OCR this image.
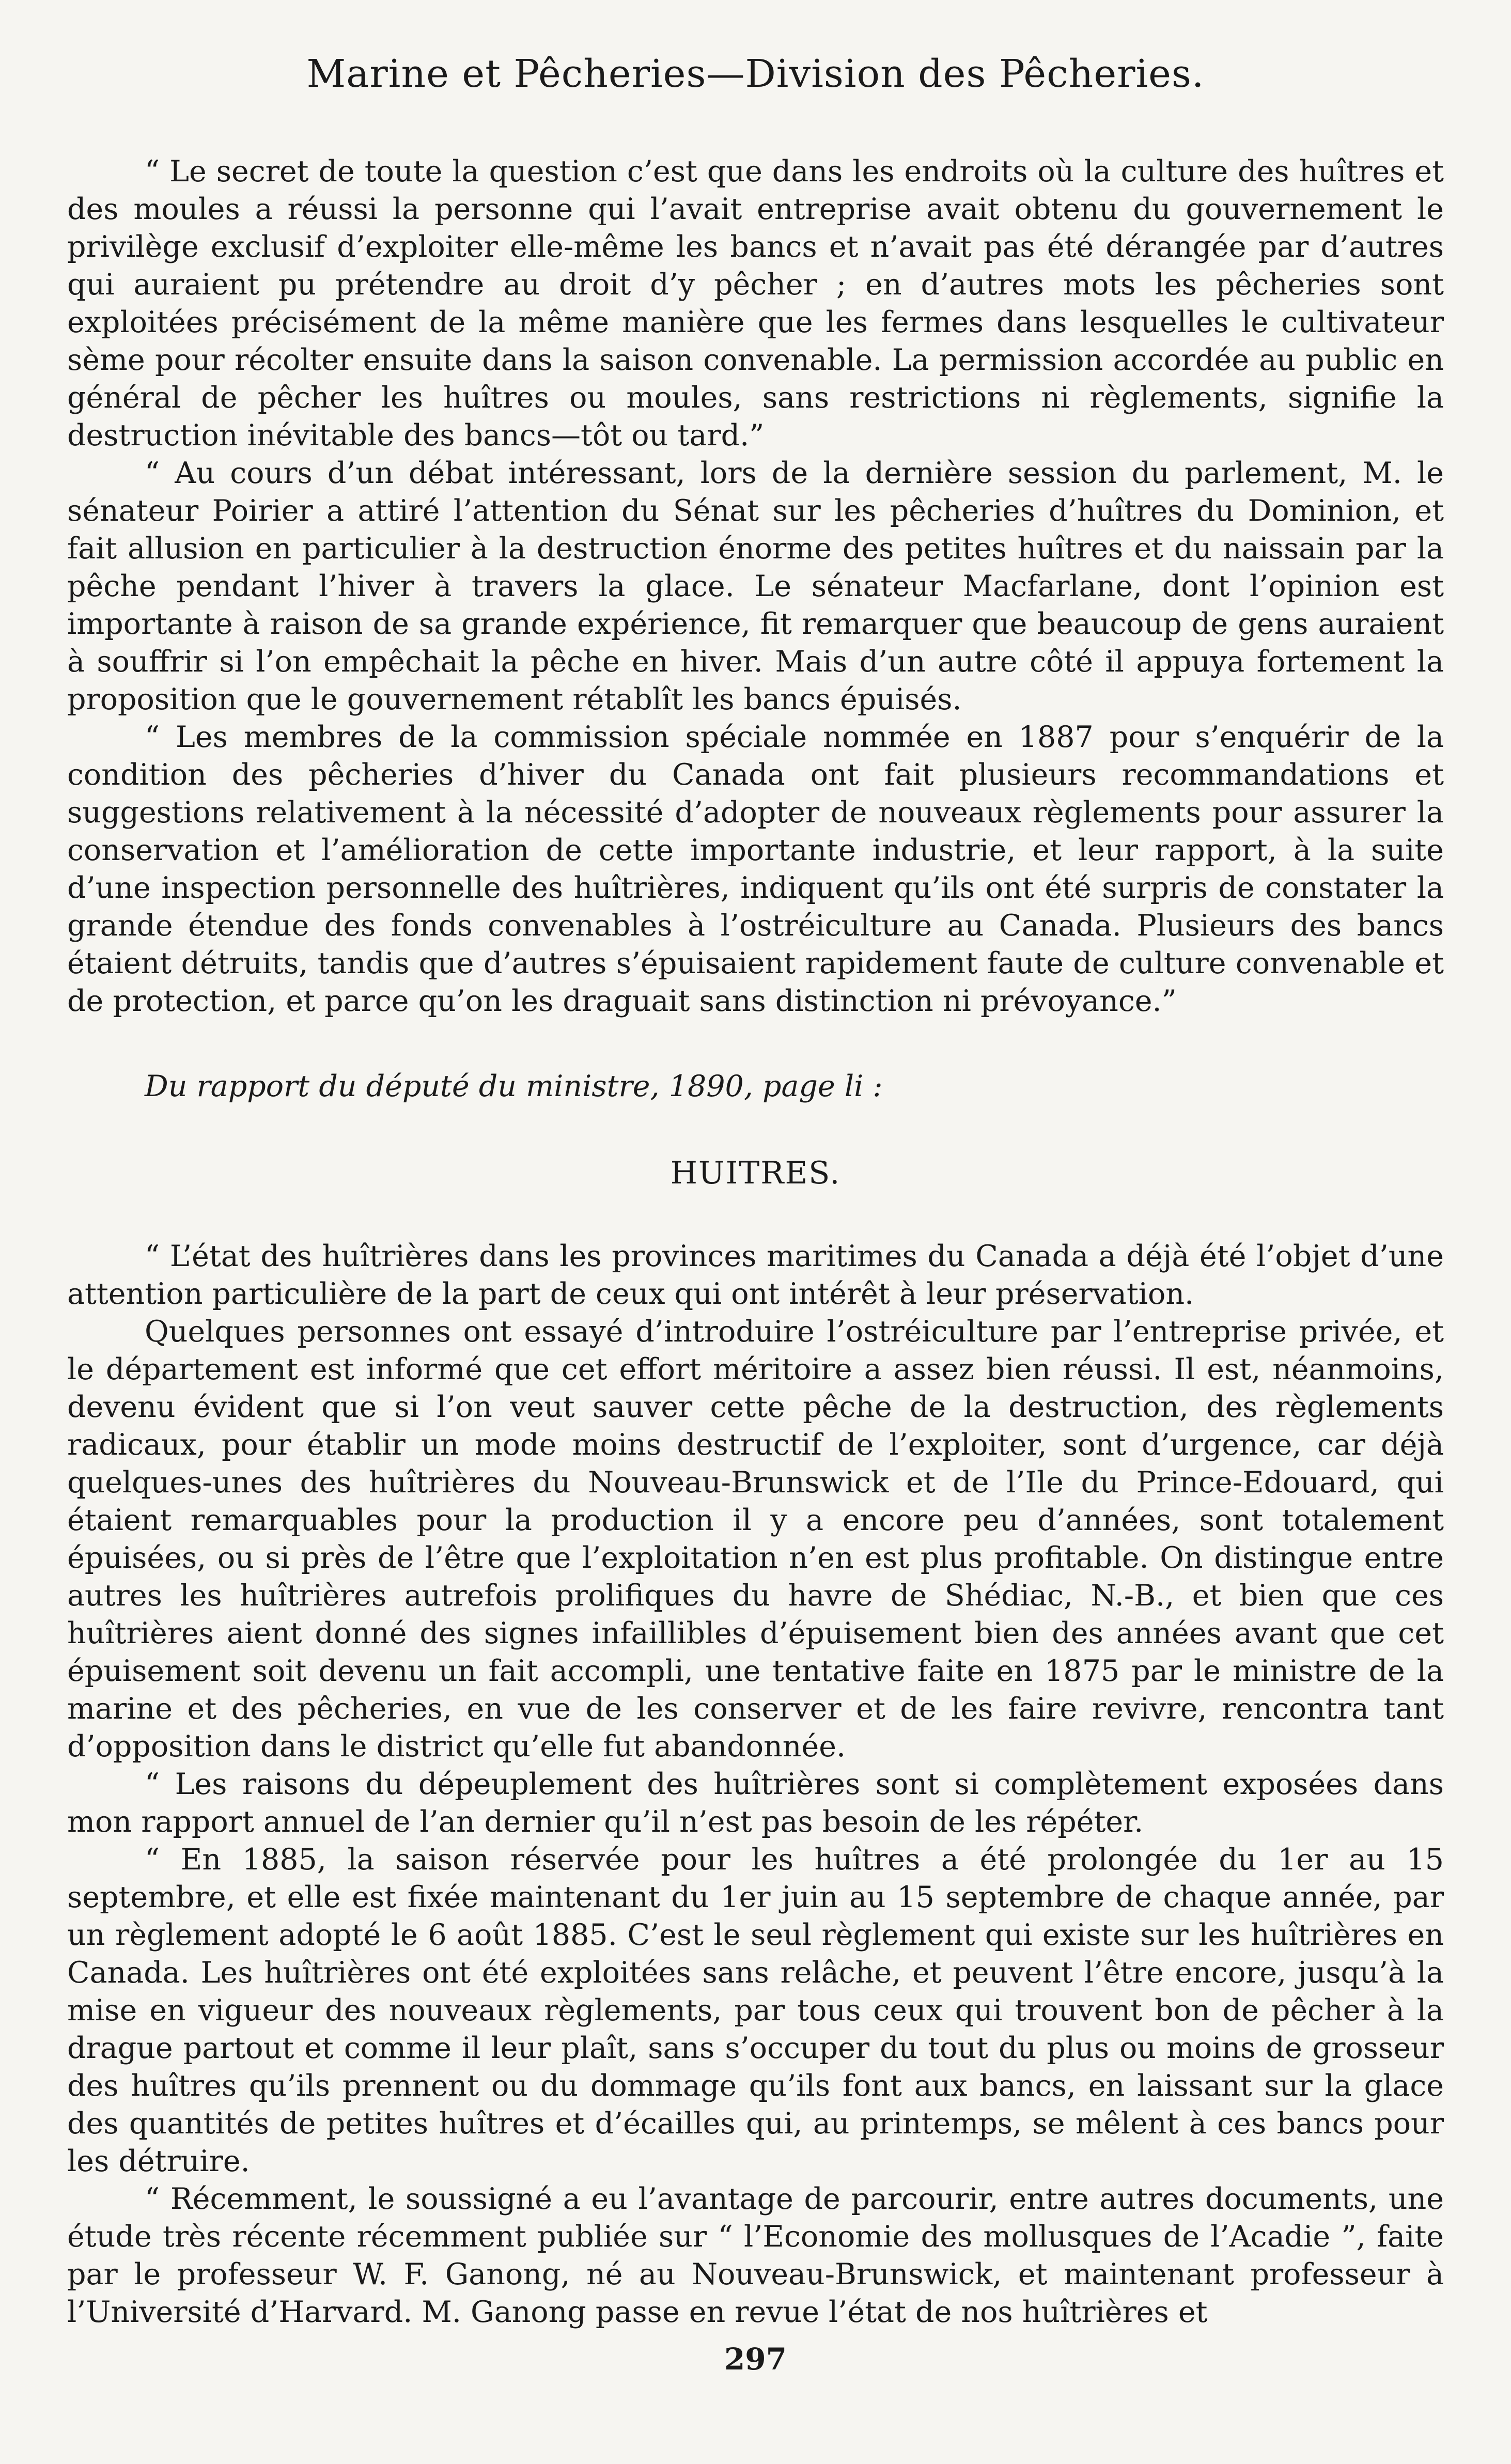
Marine et Pêcheries—Division des Pêcheries.

“ Le secret de toute la question c’est que dans les endroits où la culture des huîtres et des moules a réussi la personne qui l’avait entreprise avait obtenu du gouvernement le privilège exclusif d’exploiter elle-même les bancs et n’avait pas été dérangée par d’autres qui auraient pu prétendre au droit d’y pêcher ; en d’autres mots les pêcheries sont exploitées précisément de la même manière que les fermes dans lesquelles le cultivateur sème pour récolter ensuite dans la saison convenable. La permission accordée au public en général de pêcher les huîtres ou moules, sans restrictions ni règlements, signifie la destruction inévitable des bancs—tôt ou tard.”

“ Au cours d’un débat intéressant, lors de la dernière session du parlement, M. le sénateur Poirier a attiré l’attention du Sénat sur les pêcheries d’huîtres du Dominion, et fait allusion en particulier à la destruction énorme des petites huîtres et du naissain par la pêche pendant l’hiver à travers la glace. Le sénateur Macfarlane, dont l’opinion est importante à raison de sa grande expérience, fit remarquer que beaucoup de gens auraient à souffrir si l’on empêchait la pêche en hiver. Mais d’un autre côté il appuya fortement la proposition que le gouvernement rétablît les bancs épuisés.

“ Les membres de la commission spéciale nommée en 1887 pour s’enquérir de la condition des pêcheries d’hiver du Canada ont fait plusieurs recommandations et suggestions relativement à la nécessité d’adopter de nouveaux règlements pour assurer la conservation et l’amélioration de cette importante industrie, et leur rapport, à la suite d’une inspection personnelle des huîtrières, indiquent qu’ils ont été surpris de constater la grande étendue des fonds convenables à l’ostréiculture au Canada. Plusieurs des bancs étaient détruits, tandis que d’autres s’épuisaient rapidement faute de culture convenable et de protection, et parce qu’on les draguait sans distinction ni prévoyance.”

Du rapport du député du ministre, 1890, page li :
HUITRES.

“ L’état des huîtrières dans les provinces maritimes du Canada a déjà été l’objet d’une attention particulière de la part de ceux qui ont intérêt à leur préservation.

Quelques personnes ont essayé d’introduire l’ostréiculture par l’entreprise privée, et le département est informé que cet effort méritoire a assez bien réussi. Il est, néanmoins, devenu évident que si l’on veut sauver cette pêche de la destruction, des règlements radicaux, pour établir un mode moins destructif de l’exploiter, sont d’urgence, car déjà quelques-unes des huîtrières du Nouveau-Brunswick et de l’Ile du Prince-Edouard, qui étaient remarquables pour la production il y a encore peu d’années, sont totalement épuisées, ou si près de l’être que l’exploitation n’en est plus profitable. On distingue entre autres les huîtrières autrefois prolifiques du havre de Shédiac, N.-B., et bien que ces huîtrières aient donné des signes infaillibles d’épuisement bien des années avant que cet épuisement soit devenu un fait accompli, une tentative faite en 1875 par le ministre de la marine et des pêcheries, en vue de les conserver et de les faire revivre, rencontra tant d’opposition dans le district qu’elle fut abandonnée.

“ Les raisons du dépeuplement des huîtrières sont si complètement exposées dans mon rapport annuel de l’an dernier qu’il n’est pas besoin de les répéter.

“ En 1885, la saison réservée pour les huîtres a été prolongée du 1er au 15 septembre, et elle est fixée maintenant du 1er juin au 15 septembre de chaque année, par un règlement adopté le 6 août 1885. C’est le seul règlement qui existe sur les huîtrières en Canada. Les huîtrières ont été exploitées sans relâche, et peuvent l’être encore, jusqu’à la mise en vigueur des nouveaux règlements, par tous ceux qui trouvent bon de pêcher à la drague partout et comme il leur plaît, sans s’occuper du tout du plus ou moins de grosseur des huîtres qu’ils prennent ou du dommage qu’ils font aux bancs, en laissant sur la glace des quantités de petites huîtres et d’écailles qui, au printemps, se mêlent à ces bancs pour les détruire.

“ Récemment, le soussigné a eu l’avantage de parcourir, entre autres documents, une étude très récente récemment publiée sur “ l’Economie des mollusques de l’Acadie ”, faite par le professeur W. F. Ganong, né au Nouveau-Brunswick, et maintenant professeur à l’Université d’Harvard. M. Ganong passe en revue l’état de nos huîtrières et

297
